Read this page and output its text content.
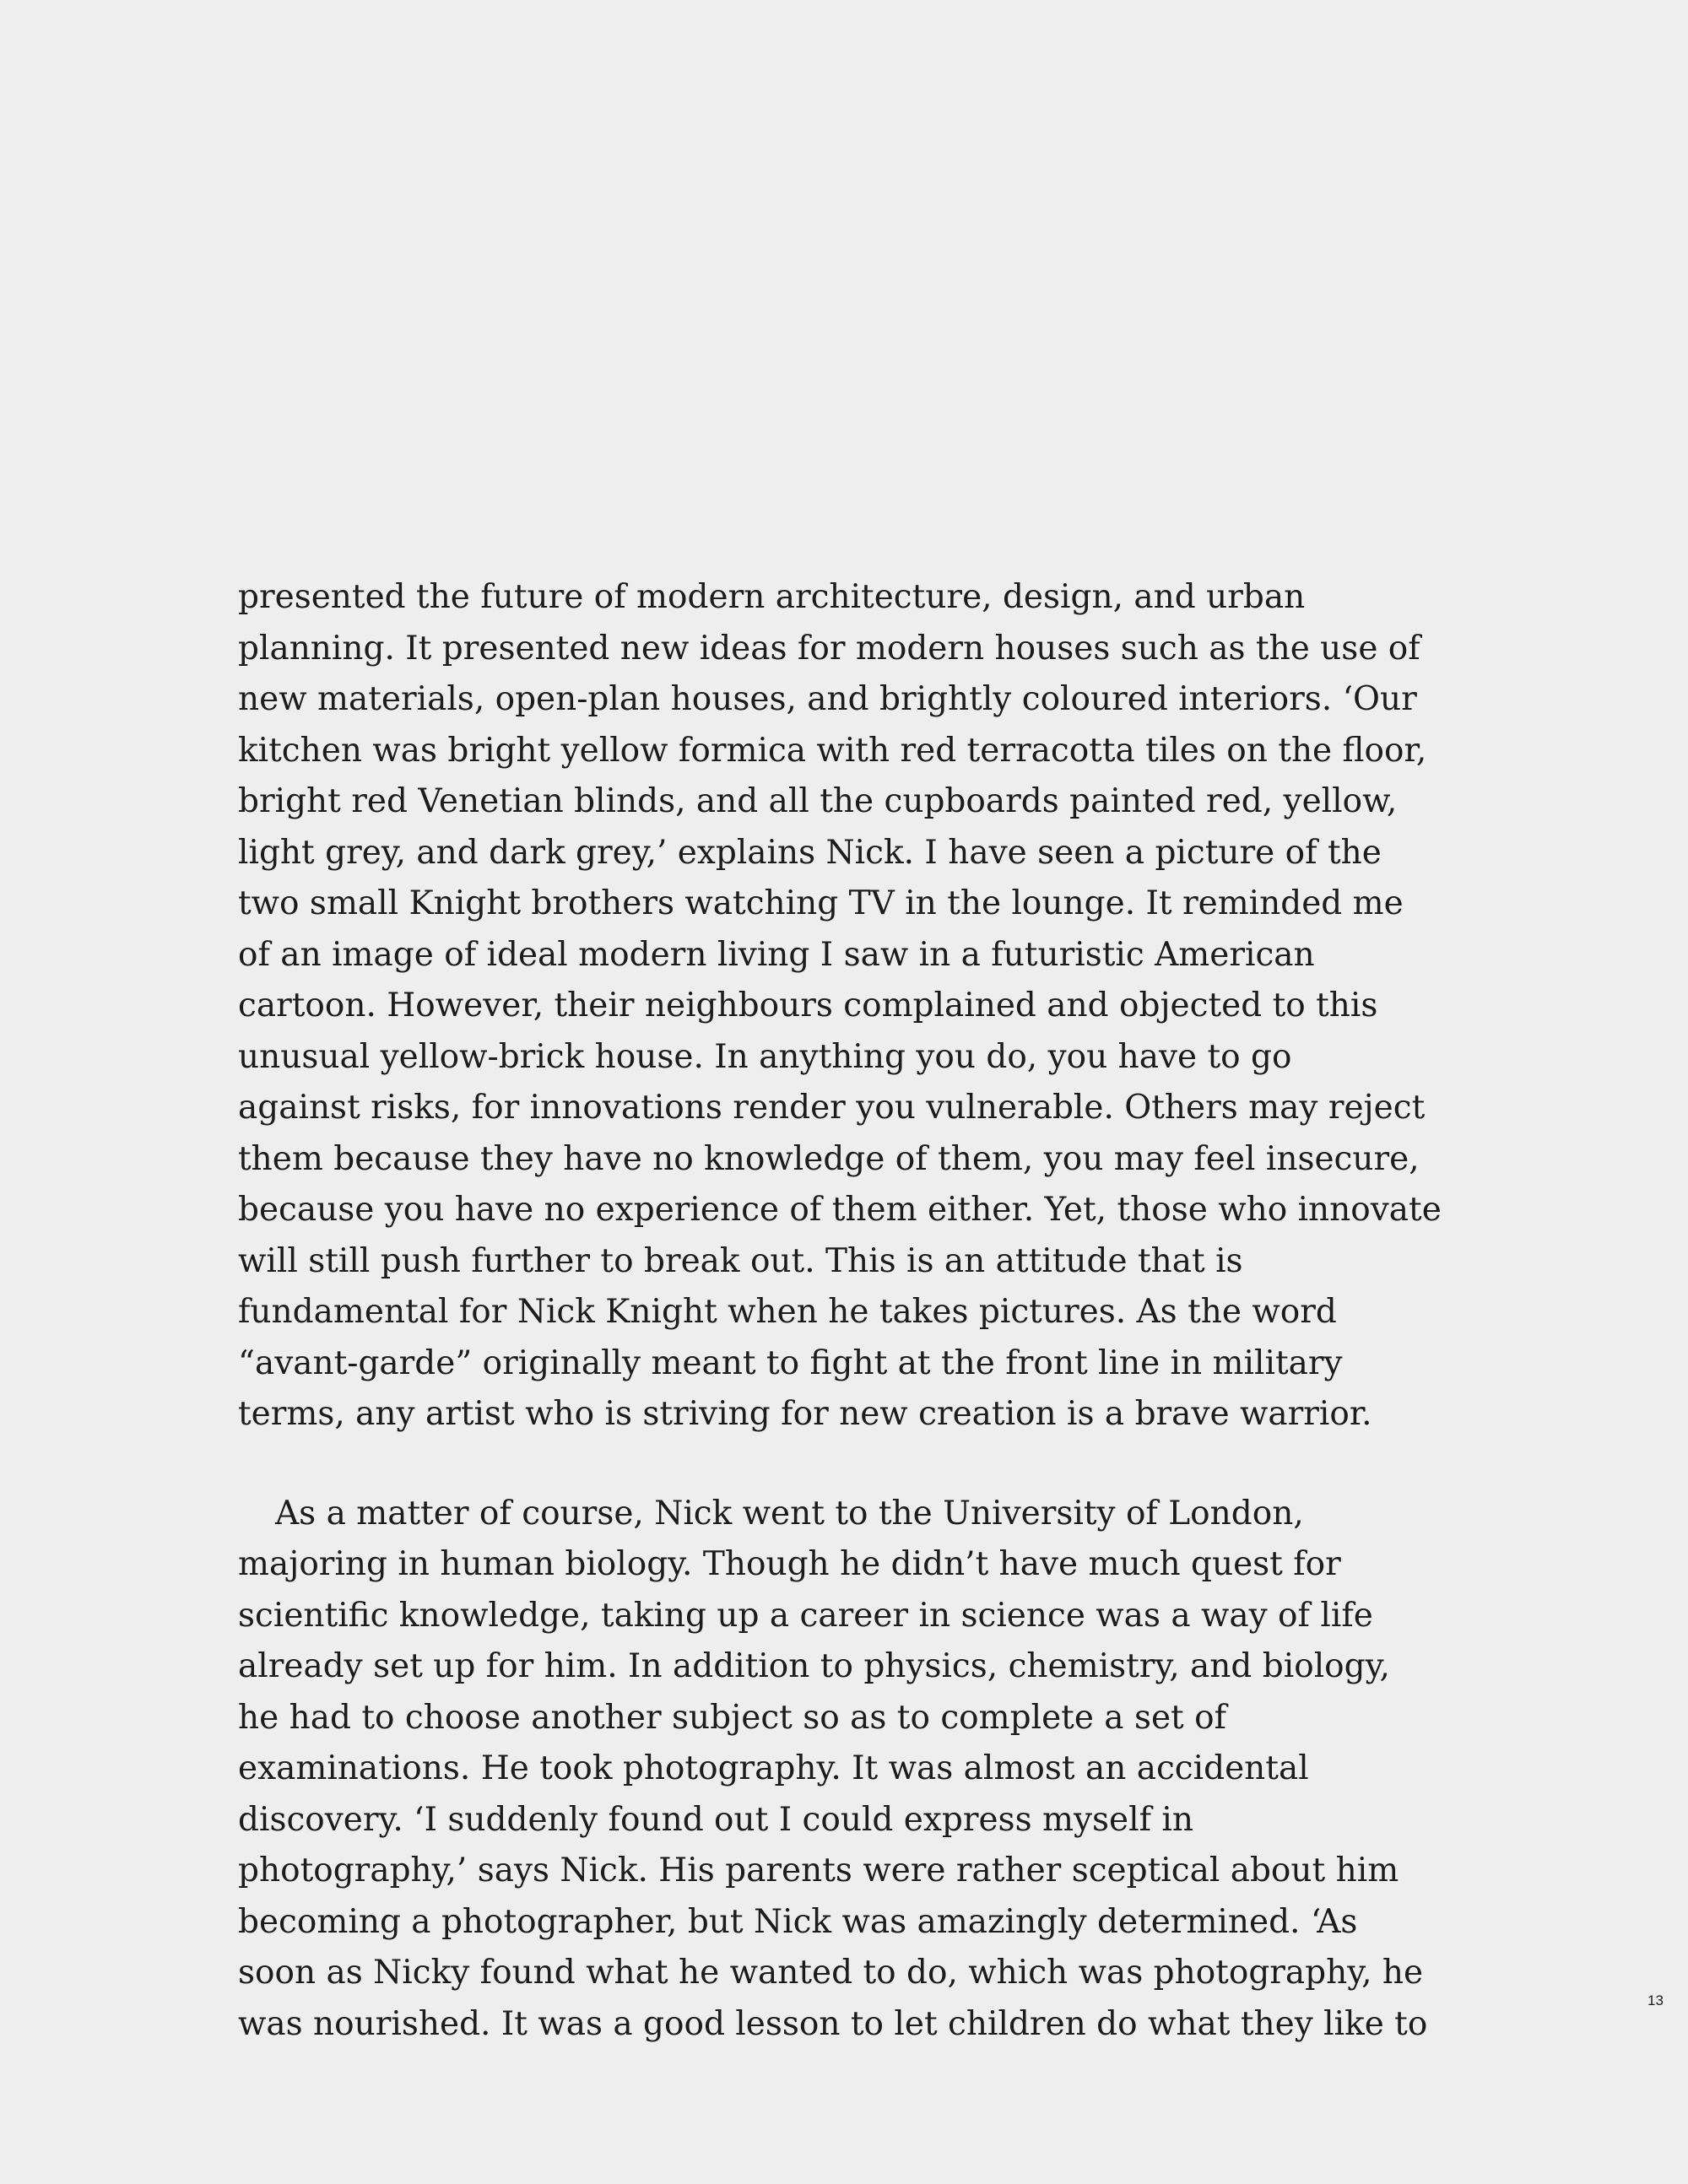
presented the future of modern architecture, design, and urban
planning. It presented new ideas for modern houses such as the use of
new materials, open-plan houses, and brightly coloured interiors. ‘Our
kitchen was bright yellow formica with red terracotta tiles on the floor,
bright red Venetian blinds, and all the cupboards painted red, yellow,
light grey, and dark grey,’ explains Nick. I have seen a picture of the
two small Knight brothers watching TV in the lounge. It reminded me
of an image of ideal modern living I saw in a futuristic American
cartoon. However, their neighbours complained and objected to this
unusual yellow-brick house. In anything you do, you have to go
against risks, for innovations render you vulnerable. Others may reject
them because they have no knowledge of them, you may feel insecure,
because you have no experience of them either. Yet, those who innovate
will still push further to break out. This is an attitude that is
fundamental for Nick Knight when he takes pictures. As the word
“avant-garde” originally meant to fight at the front line in military
terms, any artist who is striving for new creation is a brave warrior.
As a matter of course, Nick went to the University of London,
majoring in human biology. Though he didn’t have much quest for
scientific knowledge, taking up a career in science was a way of life
already set up for him. In addition to physics, chemistry, and biology,
he had to choose another subject so as to complete a set of
examinations. He took photography. It was almost an accidental
discovery. ‘I suddenly found out I could express myself in
photography,’ says Nick. His parents were rather sceptical about him
becoming a photographer, but Nick was amazingly determined. ‘As
soon as Nicky found what he wanted to do, which was photography, he
was nourished. It was a good lesson to let children do what they like to
13
